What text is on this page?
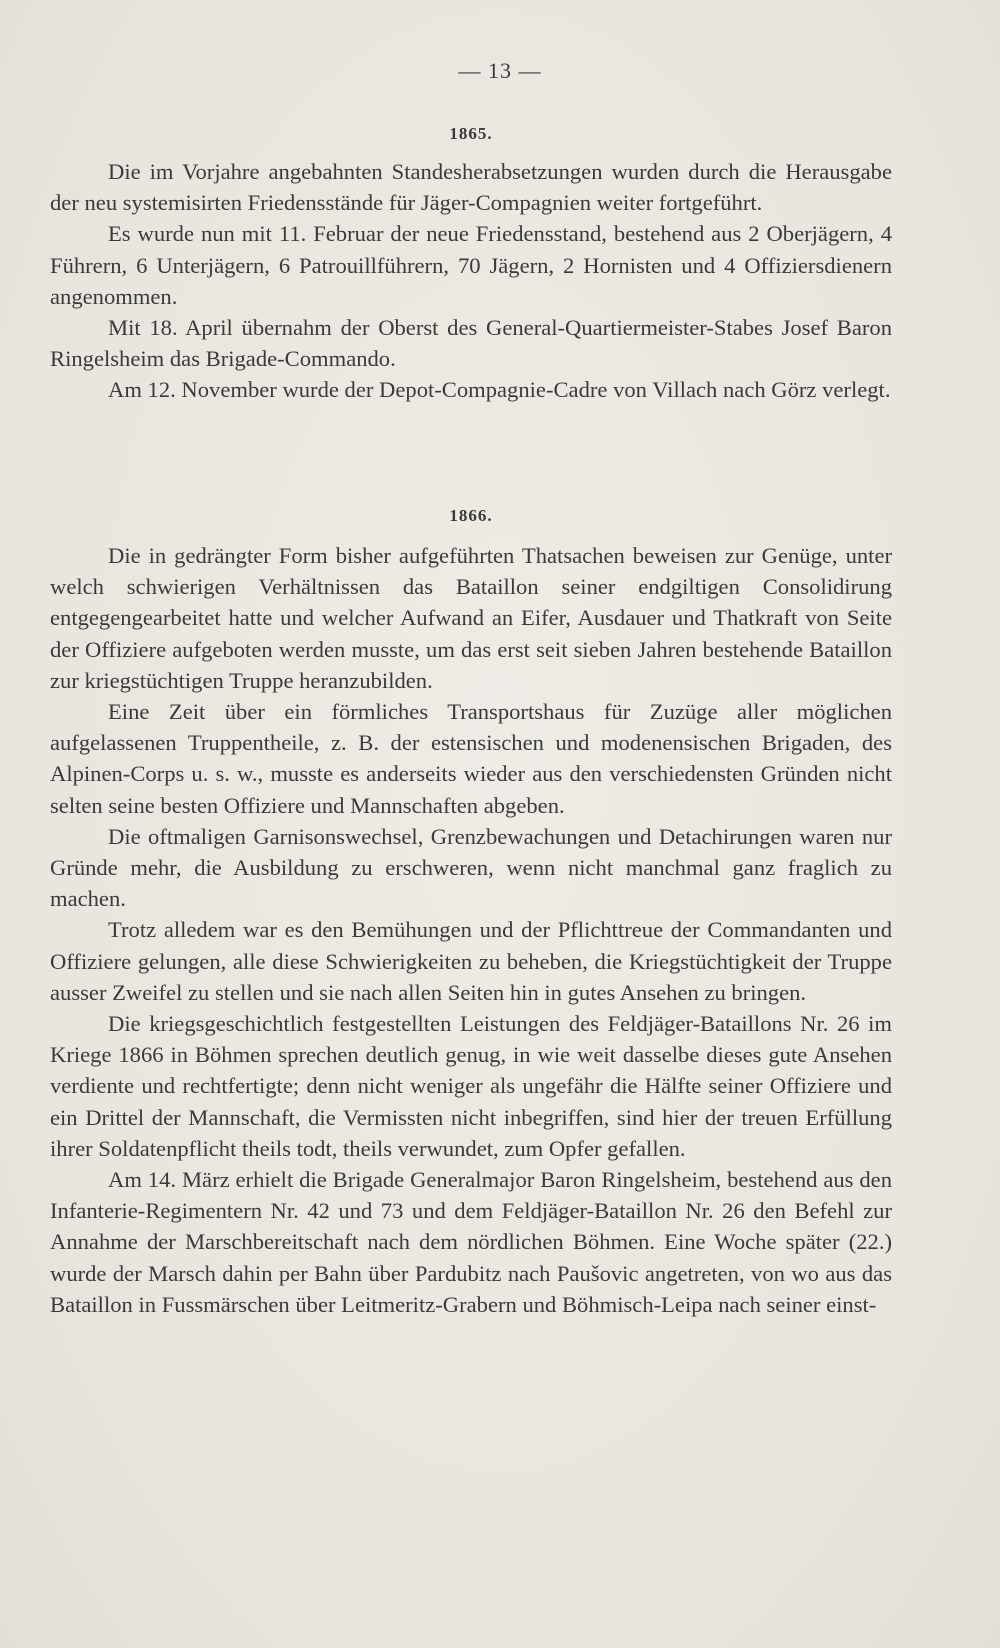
— 13 —

1865.

Die im Vorjahre angebahnten Standesherabsetzungen wurden durch die Herausgabe der neu systemisirten Friedensstände für Jäger-Compagnien weiter fortgeführt.

Es wurde nun mit 11. Februar der neue Friedensstand, bestehend aus 2 Oberjägern, 4 Führern, 6 Unterjägern, 6 Patrouillführern, 70 Jägern, 2 Hornisten und 4 Offiziersdienern angenommen.

Mit 18. April übernahm der Oberst des General-Quartiermeister-Stabes Josef Baron Ringelsheim das Brigade-Commando.

Am 12. November wurde der Depot-Compagnie-Cadre von Villach nach Görz verlegt.

1866.

Die in gedrängter Form bisher aufgeführten Thatsachen beweisen zur Genüge, unter welch schwierigen Verhältnissen das Bataillon seiner endgiltigen Consolidirung entgegengearbeitet hatte und welcher Aufwand an Eifer, Ausdauer und Thatkraft von Seite der Offiziere aufgeboten werden musste, um das erst seit sieben Jahren bestehende Bataillon zur kriegstüchtigen Truppe heranzubilden.

Eine Zeit über ein förmliches Transportshaus für Zuzüge aller möglichen aufgelassenen Truppentheile, z. B. der estensischen und modenensischen Brigaden, des Alpinen-Corps u. s. w., musste es anderseits wieder aus den verschiedensten Gründen nicht selten seine besten Offiziere und Mannschaften abgeben.

Die oftmaligen Garnisonswechsel, Grenzbewachungen und Detachirungen waren nur Gründe mehr, die Ausbildung zu erschweren, wenn nicht manchmal ganz fraglich zu machen.

Trotz alledem war es den Bemühungen und der Pflichttreue der Commandanten und Offiziere gelungen, alle diese Schwierigkeiten zu beheben, die Kriegstüchtigkeit der Truppe ausser Zweifel zu stellen und sie nach allen Seiten hin in gutes Ansehen zu bringen.

Die kriegsgeschichtlich festgestellten Leistungen des Feldjäger-Bataillons Nr. 26 im Kriege 1866 in Böhmen sprechen deutlich genug, in wie weit dasselbe dieses gute Ansehen verdiente und rechtfertigte; denn nicht weniger als ungefähr die Hälfte seiner Offiziere und ein Drittel der Mannschaft, die Vermissten nicht inbegriffen, sind hier der treuen Erfüllung ihrer Soldatenpflicht theils todt, theils verwundet, zum Opfer gefallen.

Am 14. März erhielt die Brigade Generalmajor Baron Ringelsheim, bestehend aus den Infanterie-Regimentern Nr. 42 und 73 und dem Feldjäger-Bataillon Nr. 26 den Befehl zur Annahme der Marschbereitschaft nach dem nördlichen Böhmen. Eine Woche später (22.) wurde der Marsch dahin per Bahn über Pardubitz nach Paušovic angetreten, von wo aus das Bataillon in Fussmärschen über Leitmeritz-Grabern und Böhmisch-Leipa nach seiner einst-
